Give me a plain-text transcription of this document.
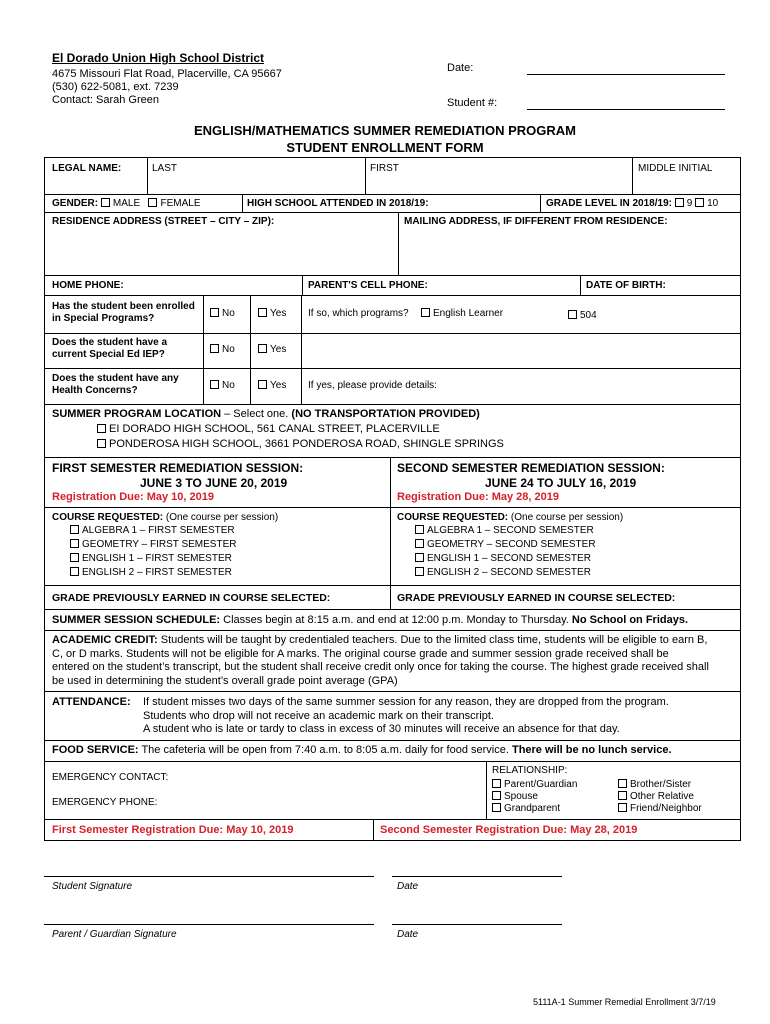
El Dorado Union High School District
4675 Missouri Flat Road, Placerville, CA 95667
(530) 622-5081, ext. 7239
Contact: Sarah Green
Date:
Student #:
ENGLISH/MATHEMATICS SUMMER REMEDIATION PROGRAM
STUDENT ENROLLMENT FORM
LEGAL NAME:	LAST	FIRST	MIDDLE INITIAL
GENDER: MALE FEMALE	HIGH SCHOOL ATTENDED IN 2018/19:	GRADE LEVEL IN 2018/19: 9 10
RESIDENCE ADDRESS (STREET – CITY – ZIP):	MAILING ADDRESS, IF DIFFERENT FROM RESIDENCE:
HOME PHONE:	PARENT'S CELL PHONE:	DATE OF BIRTH:
Has the student been enrolled
in Special Programs?	No	Yes If so, which programs?	English Learner	504
Does the student have a
current Special Ed IEP?	No	Yes
Does the student have any
Health Concerns?	No	Yes If yes, please provide details:
SUMMER PROGRAM LOCATION – Select one. (NO TRANSPORTATION PROVIDED)
EI DORADO HIGH SCHOOL, 561 CANAL STREET, PLACERVILLE
PONDEROSA HIGH SCHOOL, 3661 PONDEROSA ROAD, SHINGLE SPRINGS
FIRST SEMESTER REMEDIATION SESSION:
JUNE 3 TO JUNE 20, 2019
Registration Due: May 10, 2019
SECOND SEMESTER REMEDIATION SESSION:
JUNE 24 TO JULY 16, 2019
Registration Due: May 28, 2019
COURSE REQUESTED: (One course per session)
ALGEBRA 1 – FIRST SEMESTER
GEOMETRY – FIRST SEMESTER
ENGLISH 1 – FIRST SEMESTER
ENGLISH 2 – FIRST SEMESTER
COURSE REQUESTED: (One course per session)
ALGEBRA 1 – SECOND SEMESTER
GEOMETRY – SECOND SEMESTER
ENGLISH 1 – SECOND SEMESTER
ENGLISH 2 – SECOND SEMESTER
GRADE PREVIOUSLY EARNED IN COURSE SELECTED:	GRADE PREVIOUSLY EARNED IN COURSE SELECTED:
SUMMER SESSION SCHEDULE: Classes begin at 8:15 a.m. and end at 12:00 p.m. Monday to Thursday. No School on Fridays.
ACADEMIC CREDIT: Students will be taught by credentialed teachers. Due to the limited class time, students will be eligible to earn B,
C, or D marks. Students will not be eligible for A marks. The original course grade and summer session grade received shall be
entered on the student’s transcript, but the student shall receive credit only once for taking the course. The highest grade received shall
be used in determining the student’s overall grade point average (GPA)
ATTENDANCE: If student misses two days of the same summer session for any reason, they are dropped from the program.
Students who drop will not receive an academic mark on their transcript.
A student who is late or tardy to class in excess of 30 minutes will receive an absence for that day.
FOOD SERVICE: The cafeteria will be open from 7:40 a.m. to 8:05 a.m. daily for food service. There will be no lunch service.
EMERGENCY CONTACT:
EMERGENCY PHONE:
RELATIONSHIP:
Parent/Guardian
Spouse
Grandparent
Brother/Sister
Other Relative
Friend/Neighbor
First Semester Registration Due: May 10, 2019	Second Semester Registration Due: May 28, 2019
Student Signature	Date
Parent / Guardian Signature	Date
5111A-1 Summer Remedial Enrollment 3/7/19
